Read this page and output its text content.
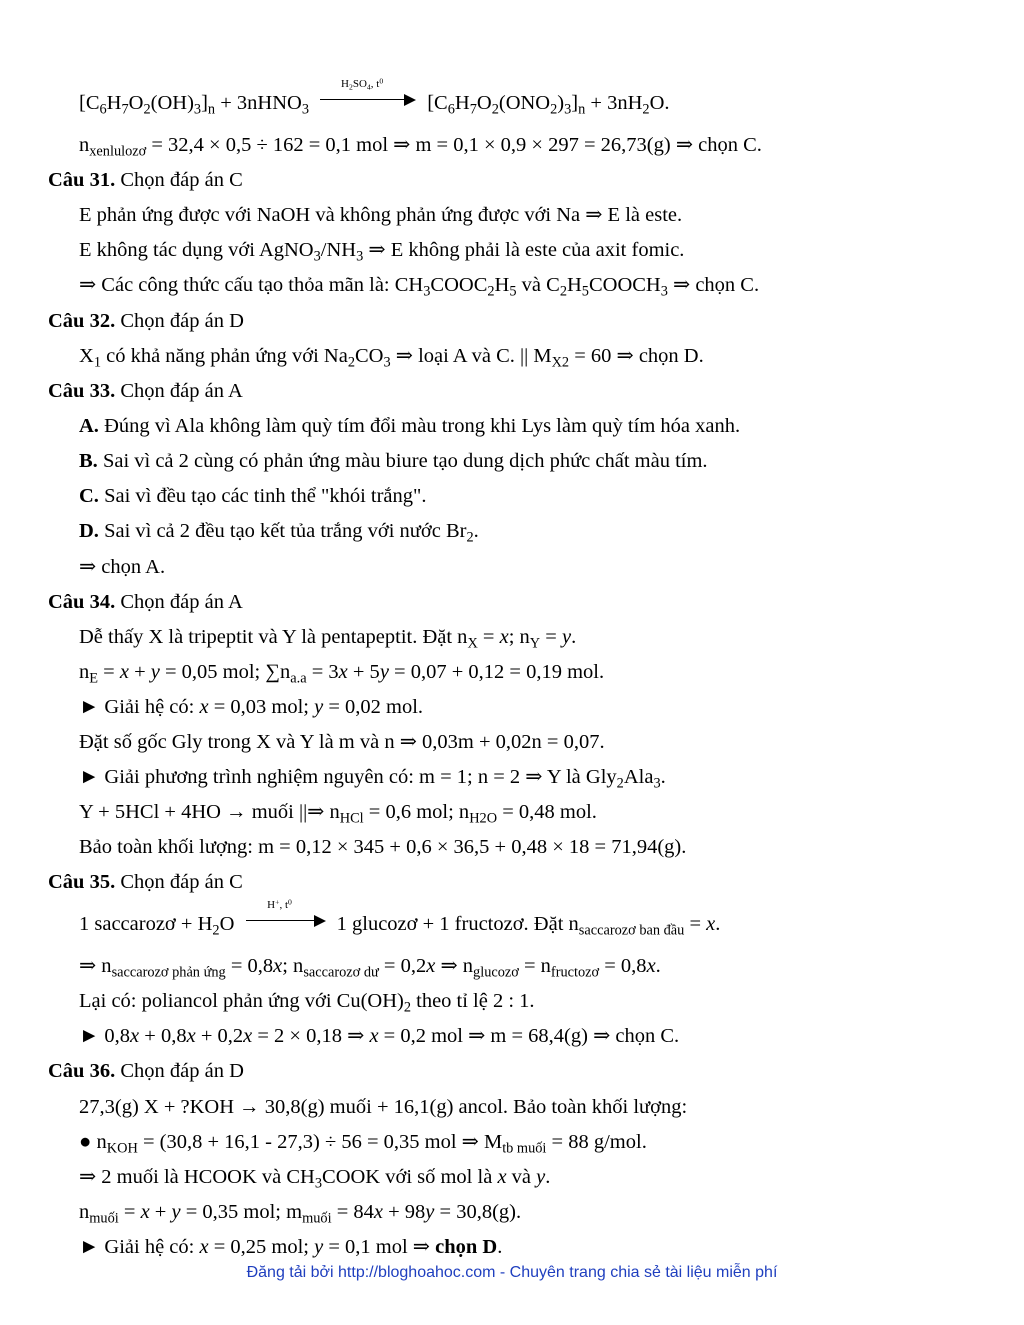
$[C_6H_7O_2(OH)_3]_n$ + 3nHNO$_3$
$H_2SO_4$, $t^0$
$[C_6H_7O_2(ONO_2)_3]_n + 3nH_2O$.
$n_{xenlulozơ} = 32,4 \times 0,5 \div 162 = 0,1$ mol ⇒ m = 0,1 × 0,9 × 297 = 26,73(g) ⇒ chọn C.
Câu 31. Chọn đáp án C
E phản ứng được với NaOH và không phản ứng được với Na ⇒ E là este.
E không tác dụng với $AgNO_3/NH_3$ ⇒ E không phải là este của axit fomic.
⇒ Các công thức cấu tạo thỏa mãn là: $CH_3COOC_2H_5$ và $C_2H_5COOCH_3$ ⇒ chọn C.
Câu 32. Chọn đáp án D
$X_1$ có khả năng phản ứng với $Na_2CO_3$ ⇒ loại A và C. || $M_{X2} = 60$ ⇒ chọn D.
Câu 33. Chọn đáp án A
A. Đúng vì Ala không làm quỳ tím đổi màu trong khi Lys làm quỳ tím hóa xanh.
B. Sai vì cả 2 cùng có phản ứng màu biure tạo dung dịch phức chất màu tím.
C. Sai vì đều tạo các tinh thể "khói trắng".
D. Sai vì cả 2 đều tạo kết tủa trắng với nước $Br_2$.
⇒ chọn A.
Câu 34. Chọn đáp án A
Dễ thấy X là tripeptit và Y là pentapeptit. Đặt $n_X = x$; $n_Y = y$.
$n_E = x + y = 0,05$ mol; $\sum n_{a.a} = 3x + 5y = 0,07 + 0,12 = 0,19$ mol.
► Giải hệ có: x = 0,03 mol; y = 0,02 mol.
Đặt số gốc Gly trong X và Y là m và n ⇒ 0,03m + 0,02n = 0,07.
► Giải phương trình nghiệm nguyên có: m = 1; n = 2 ⇒ Y là Gly$_2$Ala$_3$.
Y + 5HCl + 4HO → muối ||⇒ $n_{HCl} = 0,6$ mol; $n_{H2O} = 0,48$ mol.
Bảo toàn khối lượng: m = 0,12 × 345 + 0,6 × 36,5 + 0,48 × 18 = 71,94(g).
Câu 35. Chọn đáp án C
1 saccarozơ + $H_2O$
H+, $t^0$
1 glucozơ + 1 fructozơ. Đặt $n_{saccarozơ ban đầu} = x$.
⇒ $n_{saccarozơ phản ứng} = 0,8x$; $n_{saccarozơ dư} = 0,2x$ ⇒ $n_{glucozơ} = n_{fructozơ} = 0,8x$.
Lại có: poliancol phản ứng với $Cu(OH)_2$ theo tỉ lệ 2 : 1.
► 0,8x + 0,8x + 0,2x = 2 × 0,18 ⇒ x = 0,2 mol ⇒ m = 68,4(g) ⇒ chọn C.
Câu 36. Chọn đáp án D
27,3(g) X + ?KOH → 30,8(g) muối + 16,1(g) ancol. Bảo toàn khối lượng:
● $n_{KOH} = (30,8 + 16,1 - 27,3) \div 56 = 0,35$ mol ⇒ $M_{tb muối} = 88$ g/mol.
⇒ 2 muối là HCOOK và $CH_3COOK$ với số mol là x và y.
$n_{muối} = x + y = 0,35$ mol; $m_{muối} = 84x + 98y = 30,8(g)$.
► Giải hệ có: x = 0,25 mol; y = 0,1 mol ⇒ chọn D.
Đăng tải bởi http://bloghoahoc.com - Chuyên trang chia sẻ tài liệu miễn phí
